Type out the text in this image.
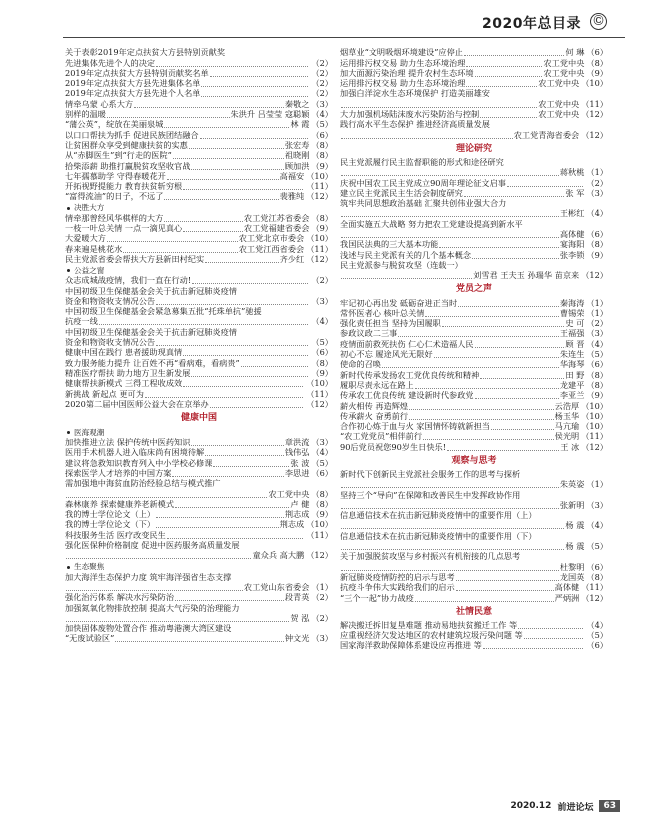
2020年总目录	Ⓒ
关于表彰2019年定点扶贫大方县特别贡献奖
先进集体先进个人的决定	（2）
2019年定点扶贫大方县特别贡献奖名单	（2）
2019年定点扶贫大方县先进集体名单	（2）
2019年定点扶贫大方县先进个人名单	（2）
情牵乌蒙 心系大方	秦敬之 （3）
别样的温暖	朱洪升 吕莹莹 寇聪颖 （4）
“蒲公英”，绽放在美丽泉城	林 霞 （5）
以口口帮扶为抓手 促进民族团结融合	（6）
让贫困群众享受到健康扶贫的实惠	张宏寿 （8）
从“赤脚医生”到“行走的医院”	祖晓刚 （8）
拾柴添薪 助推打赢脱贫攻坚收官战	顾加洪 （9）
七年孺慕助学 守得春暖花开	高福安 （10）
开拓视野提能力 教育扶贫斩穷根	（11）
“富得流油”的日子，不远了	裴雅纯 （12）
决胜大方
情牵那曾经风华棋样的大方	农工党江苏省委会 （8）
一枝一叶总关情 一点一滴见真心	农工党福建省委会 （9）
大爱暖大方	农工党北京市委会 （10）
春来遍是桃花水	农工党江西省委会 （11）
民主党派省委会帮扶大方县新田村纪实	齐少红 （12）
公益之窗
众志成城战疫情，我们一直在行动!	（2）
中国初级卫生保健基金会关于抗击新冠肺炎疫情
资金和物资收支情况公告	（3）
中国初级卫生保健基金会紧急募集五批“托珠单抗”驰援
抗疫一线	（4）
中国初级卫生保健基金会关于抗击新冠肺炎疫情
资金和物资收支情况公告	（5）
健康中国在践行 患者援助现真情	（6）
致力服务能力提升 让百姓不再“看病难，看病贵”	（8）
精准医疗帮扶 助力地方卫生新发展	（9）
健康帮扶新模式 三得工程收成效	（10）
新挑战 新起点 更可为	（11）
2020第二届中国医师公益大会在京举办	（12）
健康中国
医海观潮
加快推进立法 保护传统中医药知识	章洪流 （3）
医用手术机器人进入临床尚有困境待解	钱伟弘 （4）
建议将急救知识教育列入中小学校必修课	张 波 （5）
探索医学人才培养的中国方案	李思进 （6）
需加强地中海贫血防治经验总结与模式推广
农工党中央 （8）
森林康养 探索健康养老新模式	卢 健 （8）
我的博士学位论文（上）	荆志成 （9）
我的博士学位论文（下）	荆志成 （10）
科技服务生活 医疗改变民生	（11）
强化医保种价格制度 促进中医药服务高质量发展
童众兵 高大鹏 （12）
生态聚焦
加大海洋生态保护力度 筑牢海洋强省生态支撑
农工党山东省委会 （1）
强化治污体系 解决水污染防治	段青英 （2）
加强氮氧化物排放控制 提高大气污染的治理能力
贺 泓 （2）
加快固体废物处置合作 推动粤港澳大湾区建设
“无废试验区”	钟文光 （3）
烟草业“文明吸烟环境建设”应停止	何 琳 （6）
运用排污权交易 助力生态环境治理	农工党中央 （8）
加大面源污染治理 提升农村生态环境	农工党中央 （9）
运用排污权交易 助力生态环境治理	农工党中央 （10）
加强白洋淀水生态环境保护 打造美丽雄安
农工党中央 （11）
大力加强机场陆沫废水污染防治与控制	农工党中央 （12）
践行高水平生态保护 推进经济高质量发展
农工党青海省委会 （12）
理论研究
民主党派履行民主监督职能的形式和途径研究
蒋秋桃 （1）
庆祝中国农工民主党成立90周年理论征文启事	（2）
建立民主党派民主生活会制度研究	张 军 （3）
筑牢共同思想政治基础 汇聚共创伟业强大合力
王彬红 （4）
全面实施五大战略 努力把农工党建设提高到新水平
高体健 （6）
我国民法典的三大基本功能	宴海阳 （8）
浅述与民主党派有关的几个基本概念	张李锁 （9）
民主党派参与脱贫攻坚（连载一）
刘雪君 王夫玉 孙瑞华 苗京来 （12）
党员之声
牢记初心再出发 砥砺奋进正当时	秦海涛 （1）
常怀医者心 核叶总关情	曹锡荣 （1）
强化责任担当 坚持为国履职	史 可 （2）
参政议政二三事	王福强 （3）
疫情面前救死扶伤 仁心仁术造福人民	顾 晋 （4）
初心不忘 履途风光无限好	朱连生 （5）
使命的召唤	华海琴 （6）
新时代传承发扬农工党优良传统和精神	田 野 （8）
履职尽责永远在路上	龙建平 （8）
传承农工优良传统 建设新时代参政党	李亚兰 （9）
薪火相传 再造辉煌	云浩厚 （10）
传承薪火 奋勇前行	杨玉华 （10）
合作初心炼于血与火 家国情怀铸就新担当	马亢瑜 （10）
“农工党党员”相伴前行	侯光明 （11）
90后党员祝您90岁生日快乐!	王 冰 （12）
观察与思考
新时代下创新民主党派社会服务工作的思考与探析
朱英姿 （1）
坚持三个“导向”在保障和改善民生中发挥政协作用
张新明 （3）
信息通信技术在抗击新冠肺炎疫情中的重要作用（上）
杨 震 （4）
信息通信技术在抗击新冠肺炎疫情中的重要作用（下）
杨 震 （5）
关于加强脱贫攻坚与乡村振兴有机衔接的几点思考
杜黎明 （6）
新冠肺炎疫情防控的启示与思考	龙国英 （8）
抗疫斗争伟大实践给我们的启示	高体健 （11）
“三个一起”协力战疫	严炳洲 （12）
社情民意
解决搬迁拆旧复垦难题 推动易地扶贫搬迁工作 等	（4）
应重视经济欠发达地区的农村建筑垃圾污染问题 等	（5）
国家海洋救助保障体系建设应再推进 等	（6）
2020.12 前进论坛	63
